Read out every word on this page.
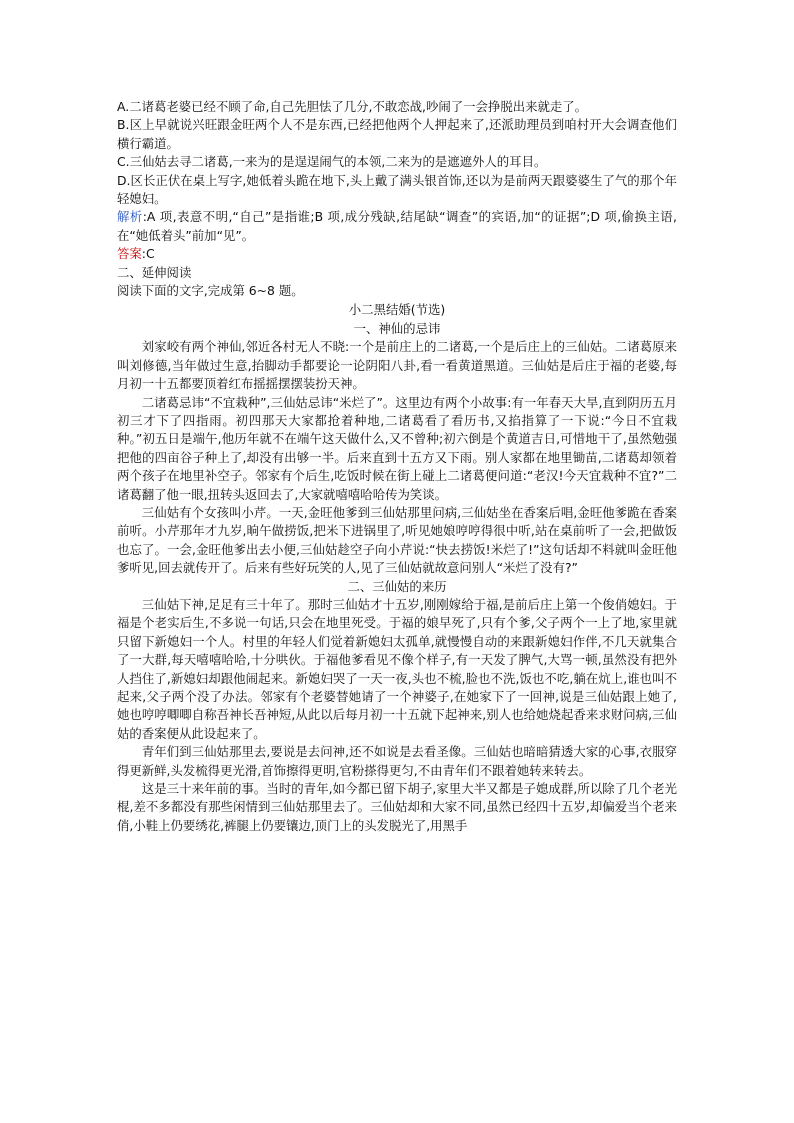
A.二诸葛老婆已经不顾了命,自己先胆怯了几分,不敢恋战,吵闹了一会挣脱出来就走了。

B.区上早就说兴旺跟金旺两个人不是东西,已经把他两个人押起来了,还派助理员到咱村开大会调查他们横行霸道。

C.三仙姑去寻二诸葛,一来为的是逞逞闹气的本领,二来为的是遮遮外人的耳目。

D.区长正伏在桌上写字,她低着头跪在地下,头上戴了满头银首饰,还以为是前两天跟婆婆生了气的那个年轻媳妇。

解析:A 项,表意不明,“自己”是指谁;B 项,成分残缺,结尾缺“调查”的宾语,加“的证据”;D 项,偷换主语,在“她低着头”前加“见”。

答案:C

二、延伸阅读

阅读下面的文字,完成第 6~8 题。

小二黑结婚(节选)

一、神仙的忌讳

刘家峧有两个神仙,邻近各村无人不晓:一个是前庄上的二诸葛,一个是后庄上的三仙姑。二诸葛原来叫刘修德,当年做过生意,抬脚动手都要论一论阴阳八卦,看一看黄道黑道。三仙姑是后庄于福的老婆,每月初一十五都要顶着红布摇摇摆摆装扮天神。

二诸葛忌讳“不宜栽种”,三仙姑忌讳“米烂了”。这里边有两个小故事:有一年春天大旱,直到阴历五月初三才下了四指雨。初四那天大家都抢着种地,二诸葛看了看历书,又掐指算了一下说:“今日不宜栽种。”初五日是端午,他历年就不在端午这天做什么,又不曾种;初六倒是个黄道吉日,可惜地干了,虽然勉强把他的四亩谷子种上了,却没有出够一半。后来直到十五方又下雨。别人家都在地里锄苗,二诸葛却领着两个孩子在地里补空子。邻家有个后生,吃饭时候在街上碰上二诸葛便问道:“老汉!今天宜栽种不宜?”二诸葛翻了他一眼,扭转头返回去了,大家就嘻嘻哈哈传为笑谈。

三仙姑有个女孩叫小芹。一天,金旺他爹到三仙姑那里问病,三仙姑坐在香案后唱,金旺他爹跪在香案前听。小芹那年才九岁,晌午做捞饭,把米下进锅里了,听见她娘哼哼得很中听,站在桌前听了一会,把做饭也忘了。一会,金旺他爹出去小便,三仙姑趁空子向小芹说:“快去捞饭!米烂了!”这句话却不料就叫金旺他爹听见,回去就传开了。后来有些好玩笑的人,见了三仙姑就故意问别人“米烂了没有?”

二、三仙姑的来历

三仙姑下神,足足有三十年了。那时三仙姑才十五岁,刚刚嫁给于福,是前后庄上第一个俊俏媳妇。于福是个老实后生,不多说一句话,只会在地里死受。于福的娘早死了,只有个爹,父子两个一上了地,家里就只留下新媳妇一个人。村里的年轻人们觉着新媳妇太孤单,就慢慢自动的来跟新媳妇作伴,不几天就集合了一大群,每天嘻嘻哈哈,十分哄伙。于福他爹看见不像个样子,有一天发了脾气,大骂一顿,虽然没有把外人挡住了,新媳妇却跟他闹起来。新媳妇哭了一天一夜,头也不梳,脸也不洗,饭也不吃,躺在炕上,谁也叫不起来,父子两个没了办法。邻家有个老婆替她请了一个神婆子,在她家下了一回神,说是三仙姑跟上她了,她也哼哼唧唧自称吾神长吾神短,从此以后每月初一十五就下起神来,别人也给她烧起香来求财问病,三仙姑的香案便从此设起来了。

青年们到三仙姑那里去,要说是去问神,还不如说是去看圣像。三仙姑也暗暗猜透大家的心事,衣服穿得更新鲜,头发梳得更光滑,首饰擦得更明,官粉搽得更匀,不由青年们不跟着她转来转去。

这是三十来年前的事。当时的青年,如今都已留下胡子,家里大半又都是子媳成群,所以除了几个老光棍,差不多都没有那些闲情到三仙姑那里去了。三仙姑却和大家不同,虽然已经四十五岁,却偏爱当个老来俏,小鞋上仍要绣花,裤腿上仍要镶边,顶门上的头发脱光了,用黑手
